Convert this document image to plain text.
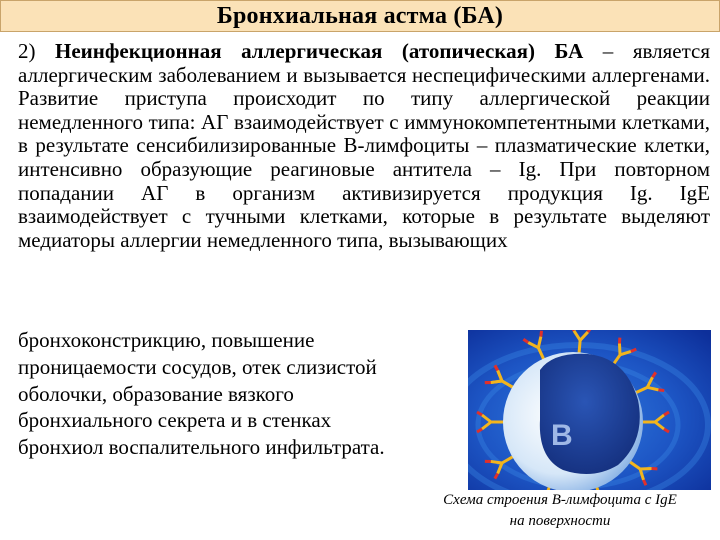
Бронхиальная астма (БА)
2) Неинфекционная аллергическая (атопическая) БА – является аллергическим заболеванием и вызывается неспецифическими аллергенами. Развитие приступа происходит по типу аллергической реакции немедленного типа: АГ взаимодействует с иммунокомпетентными клетками, в результате сенсибилизированные В-лимфоциты – плазматические клетки, интенсивно образующие реагиновые антитела – Ig. При повторном попадании АГ в организм активизируется продукция Ig. IgE взаимодействует с тучными клетками, которые в результате выделяют медиаторы аллергии немедленного типа, вызывающих
бронхоконстрикцию, повышение проницаемости сосудов, отек слизистой оболочки, образование вязкого бронхиального секрета и в стенках бронхиол воспалительного инфильтрата.	B
Схема строения В-лимфоцита с IgE
на поверхности
